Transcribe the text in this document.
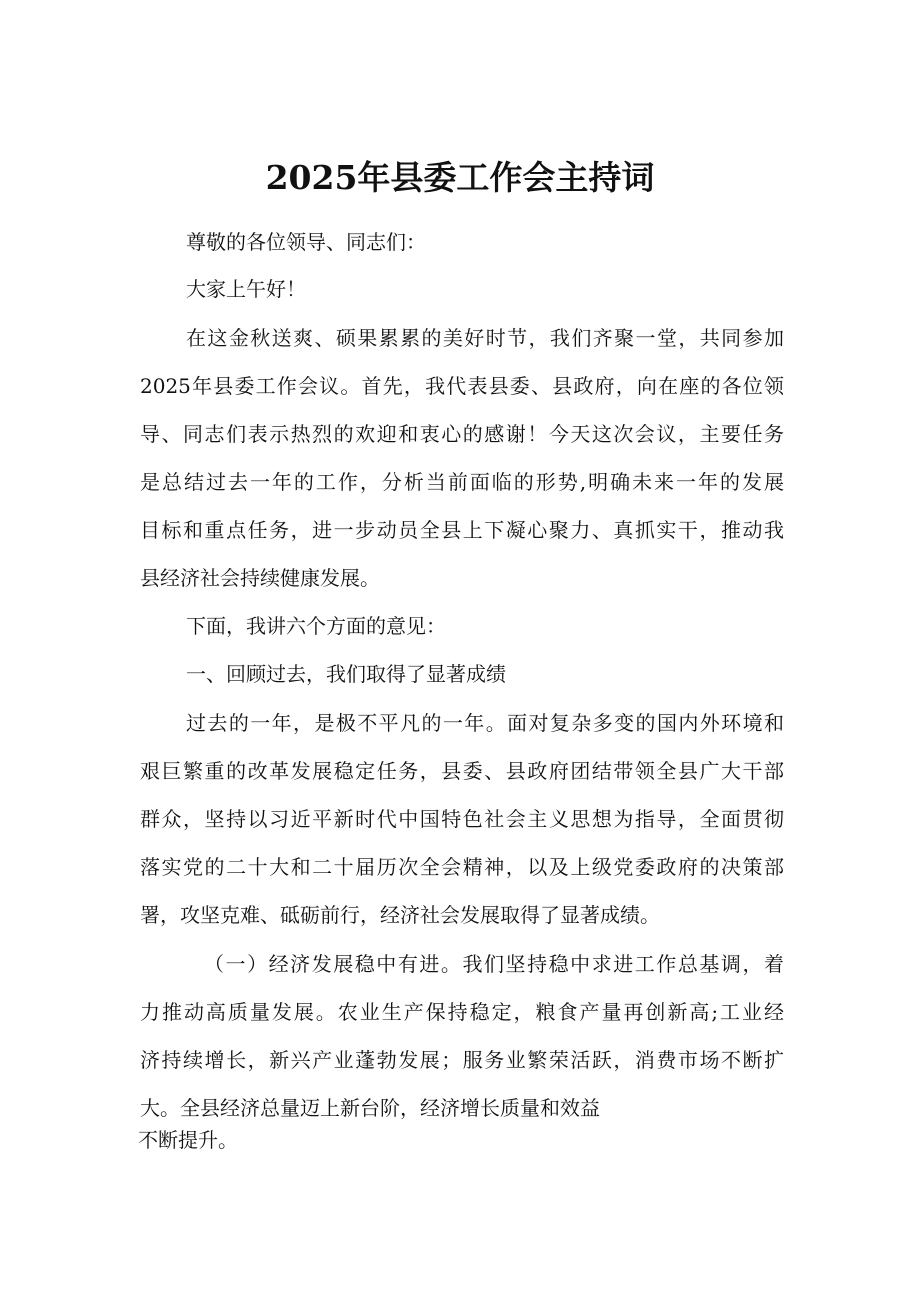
2025年县委工作会主持词
尊敬的各位领导、同志们：
大家上午好！
在这金秋送爽、硕果累累的美好时节，我们齐聚一堂，共同参加
2025年县委工作会议。首先，我代表县委、县政府，向在座的各位领
导、同志们表示热烈的欢迎和衷心的感谢！今天这次会议，主要任务
是总结过去一年的工作，分析当前面临的形势,明确未来一年的发展
目标和重点任务，进一步动员全县上下凝心聚力、真抓实干，推动我
县经济社会持续健康发展。
下面，我讲六个方面的意见：
一、回顾过去，我们取得了显著成绩
过去的一年，是极不平凡的一年。面对复杂多变的国内外环境和
艰巨繁重的改革发展稳定任务，县委、县政府团结带领全县广大干部
群众，坚持以习近平新时代中国特色社会主义思想为指导，全面贯彻
落实党的二十大和二十届历次全会精神，以及上级党委政府的决策部
署，攻坚克难、砥砺前行，经济社会发展取得了显著成绩。
（一）经济发展稳中有进。我们坚持稳中求进工作总基调，着
力推动高质量发展。农业生产保持稳定，粮食产量再创新高;工业经
济持续增长，新兴产业蓬勃发展；服务业繁荣活跃，消费市场不断扩
大。全县经济总量迈上新台阶，经济增长质量和效益
不断提升。
